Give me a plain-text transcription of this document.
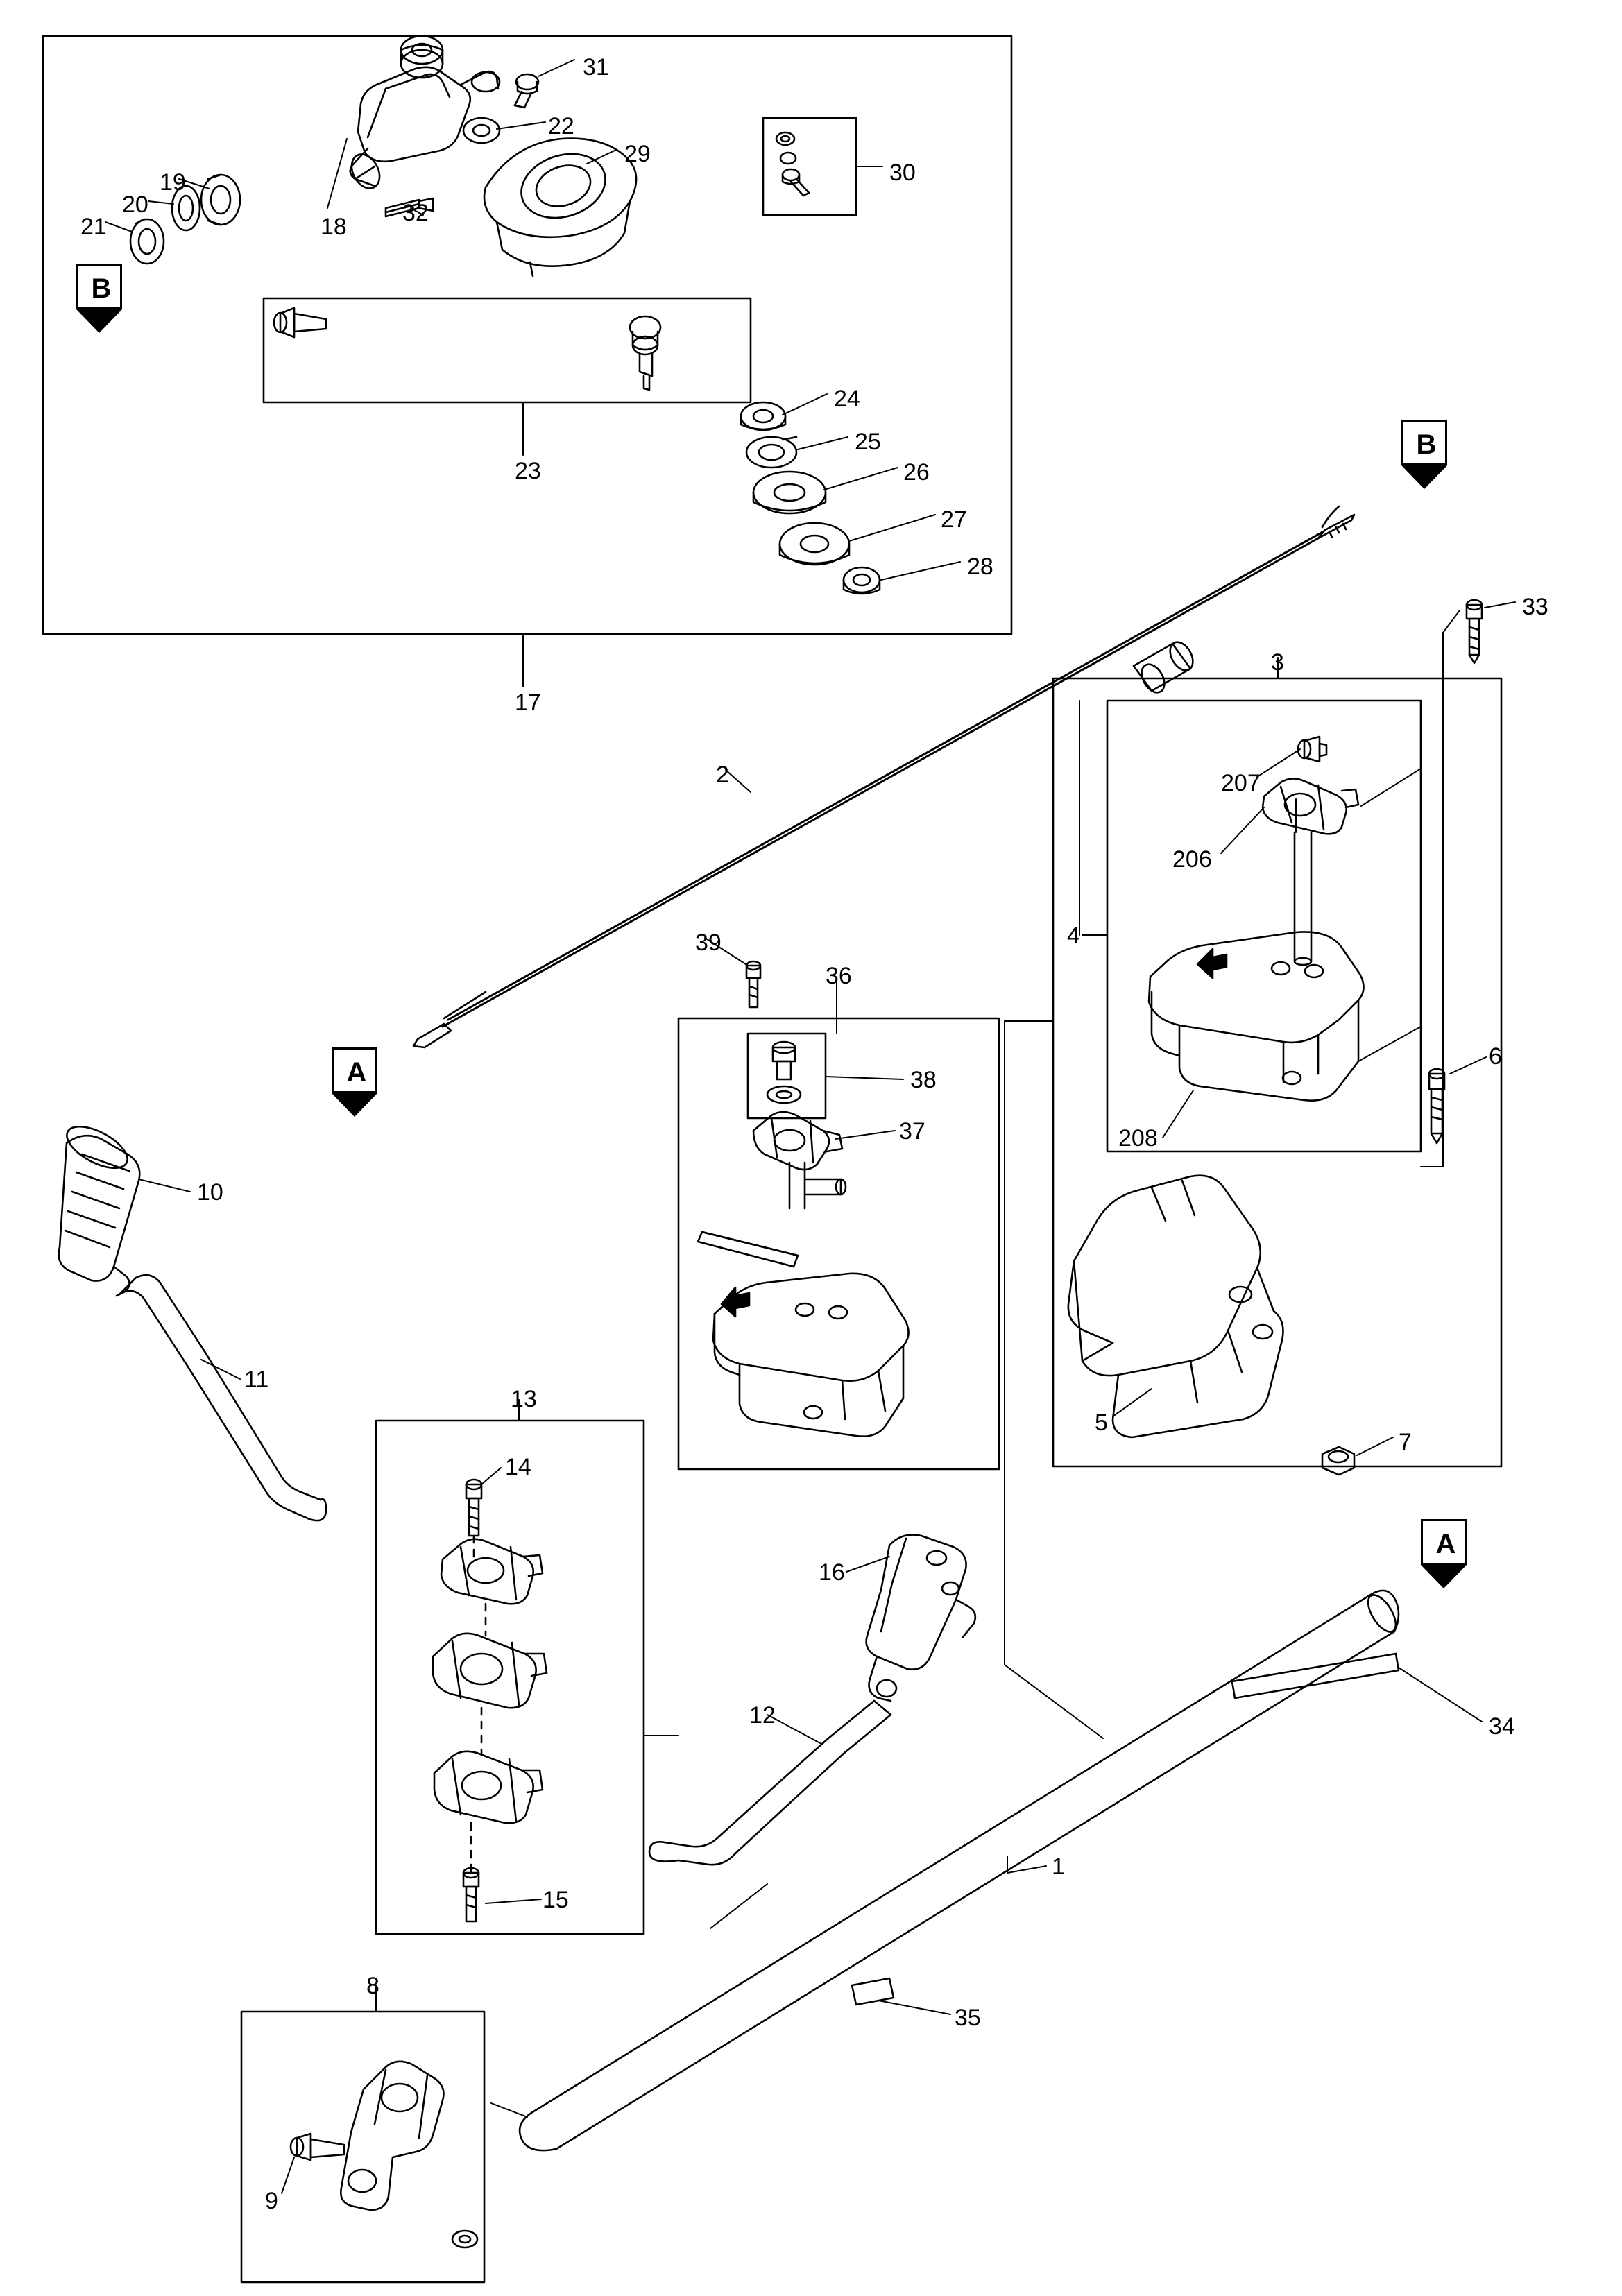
B
B
A
A
31
22
29
30
19
20	32
21	18
24
25
26
23
27
28
33
17
3
2	207
206
4
39
36
38
6
37	208
10
11
5
7
13
14
16
12	34
1
15
35
8
9
